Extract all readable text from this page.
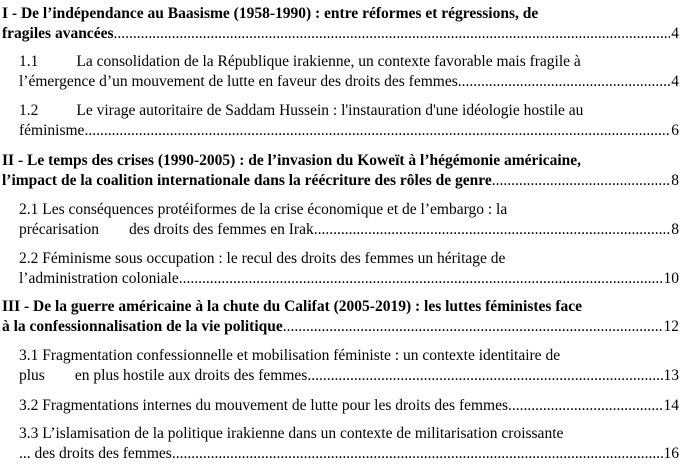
I - De l’indépendance au Baasisme (1958-1990) : entre réformes et régressions, de
fragiles avancées .....	4
1.1 La consolidation de la République irakienne, un contexte favorable mais fragile à
l’émergence d’un mouvement de lutte en faveur des droits des femmes .....	4
1.2 Le virage autoritaire de Saddam Hussein : l'instauration d'une idéologie hostile au
féminisme .....	6
II - Le temps des crises (1990-2005) : de l’invasion du Koweït à l’hégémonie américaine,
l’impact de la coalition internationale dans la réécriture des rôles de genre .....	8
2.1 Les conséquences protéiformes de la crise économique et de l’embargo : la
précarisation des droits des femmes en Irak .....	8
2.2 Féminisme sous occupation : le recul des droits des femmes un héritage de
l’administration coloniale .....	10
III - De la guerre américaine à la chute du Califat (2005-2019) : les luttes féministes face
à la confessionnalisation de la vie politique .....	12
3.1 Fragmentation confessionnelle et mobilisation féministe : un contexte identitaire de
plus en plus hostile aux droits des femmes .....	13
3.2 Fragmentations internes du mouvement de lutte pour les droits des femmes .....	14
3.3 L’islamisation de la politique irakienne dans un contexte de militarisation croissante
... des droits des femmes .....	16
